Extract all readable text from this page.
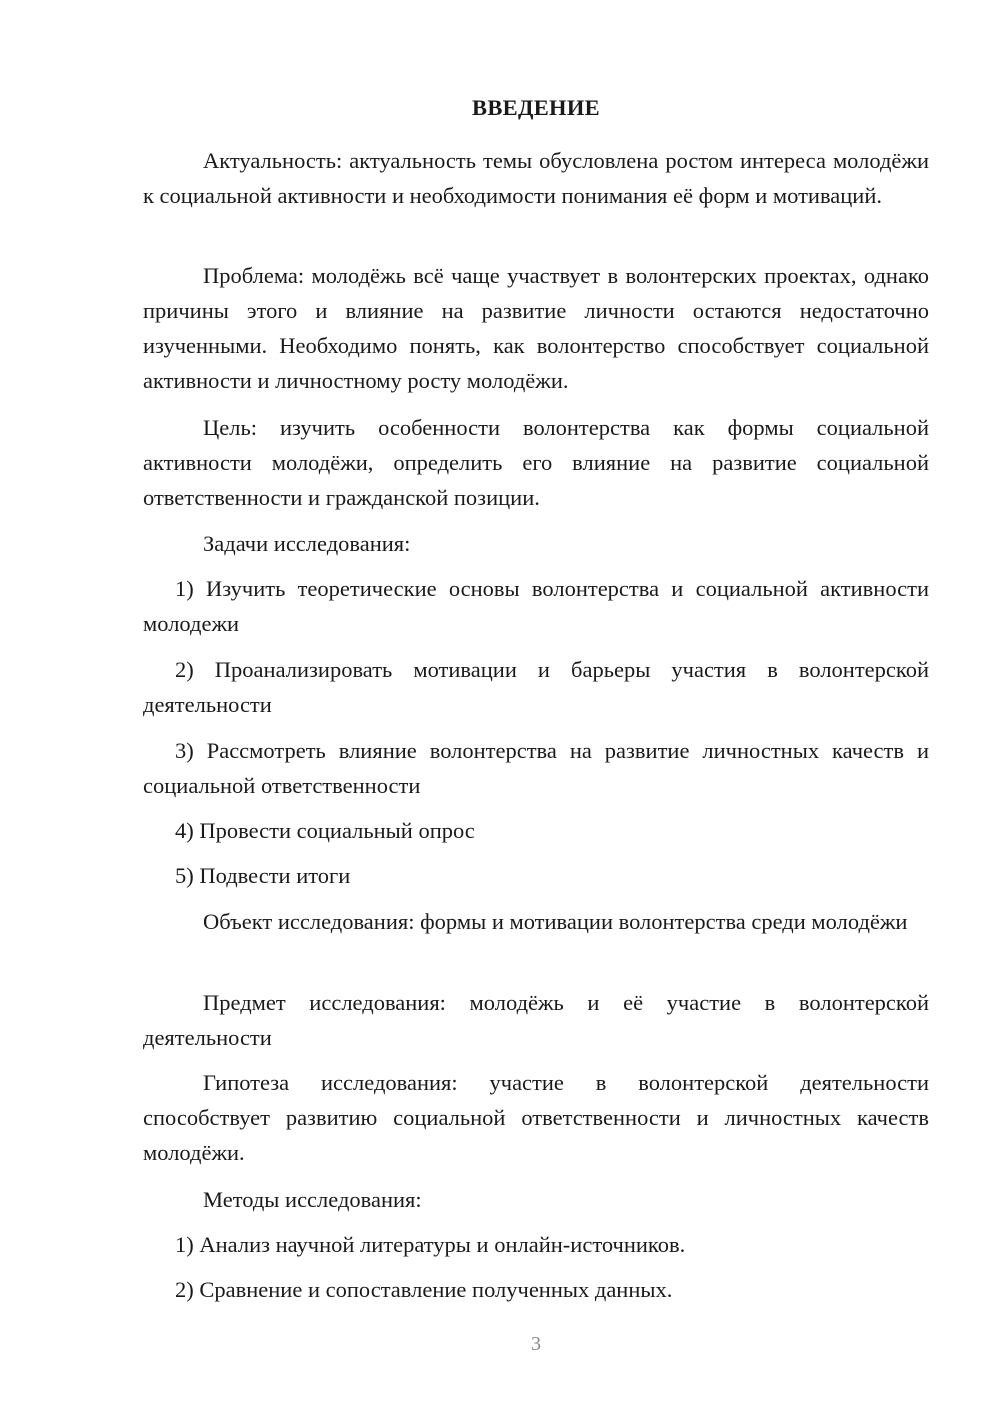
ВВЕДЕНИЕ

Актуальность: актуальность темы обусловлена ростом интереса молодёжи к социальной активности и необходимости понимания её форм и мотиваций.

Проблема: молодёжь всё чаще участвует в волонтерских проектах, однако причины этого и влияние на развитие личности остаются недостаточно изученными. Необходимо понять, как волонтерство способствует социальной активности и личностному росту молодёжи.

Цель: изучить особенности волонтерства как формы социальной активности молодёжи, определить его влияние на развитие социальной ответственности и гражданской позиции.

Задачи исследования:

1) Изучить теоретические основы волонтерства и социальной активности молодежи

2) Проанализировать мотивации и барьеры участия в волонтерской деятельности

3) Рассмотреть влияние волонтерства на развитие личностных качеств и социальной ответственности

4) Провести социальный опрос

5) Подвести итоги

Объект исследования: формы и мотивации волонтерства среди молодёжи

Предмет исследования: молодёжь и её участие в волонтерской деятельности

Гипотеза исследования: участие в волонтерской деятельности способствует развитию социальной ответственности и личностных качеств молодёжи.

Методы исследования:

1) Анализ научной литературы и онлайн-источников.

2) Сравнение и сопоставление полученных данных.

3
